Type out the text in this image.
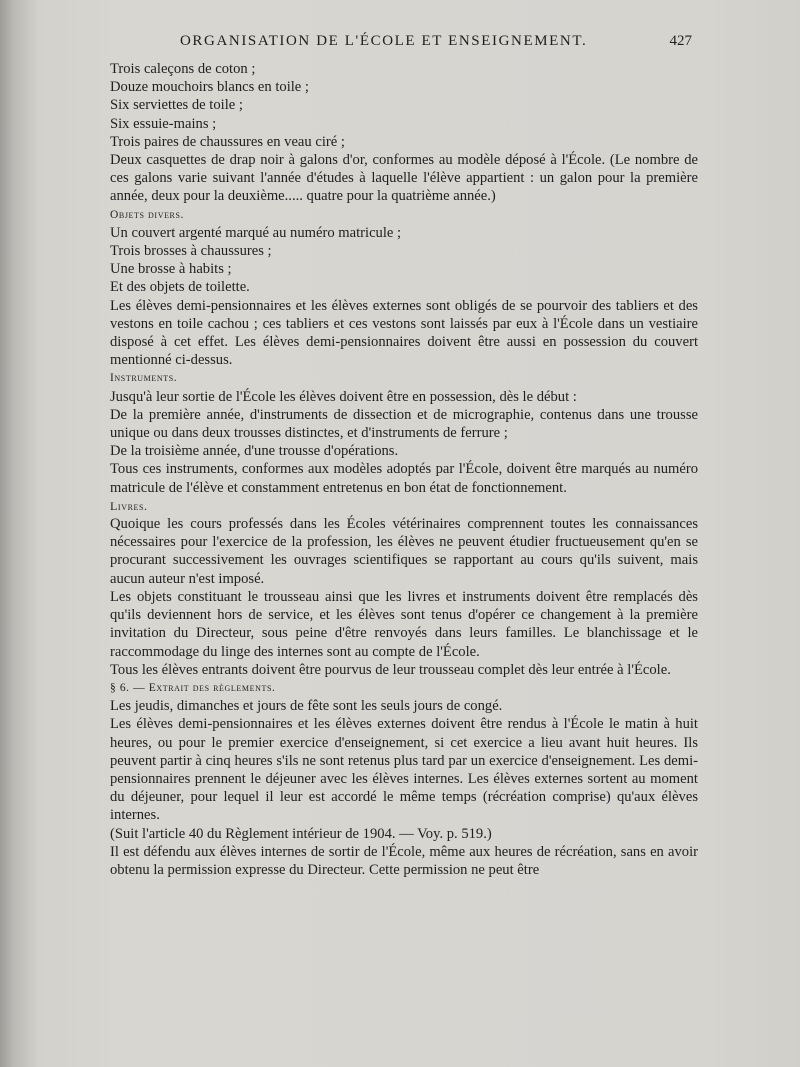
ORGANISATION DE L'ÉCOLE ET ENSEIGNEMENT.	427

Trois caleçons de coton ;

Douze mouchoirs blancs en toile ;

Six serviettes de toile ;

Six essuie-mains ;

Trois paires de chaussures en veau ciré ;

Deux casquettes de drap noir à galons d'or, conformes au modèle déposé à l'École. (Le nombre de ces galons varie suivant l'année d'études à laquelle l'élève appartient : un galon pour la première année, deux pour la deuxième..... quatre pour la quatrième année.)

Objets divers.

Un couvert argenté marqué au numéro matricule ;

Trois brosses à chaussures ;

Une brosse à habits ;

Et des objets de toilette.

Les élèves demi-pensionnaires et les élèves externes sont obligés de se pourvoir des tabliers et des vestons en toile cachou ; ces tabliers et ces vestons sont laissés par eux à l'École dans un vestiaire disposé à cet effet. Les élèves demi-pensionnaires doivent être aussi en possession du couvert mentionné ci-dessus.

Instruments.

Jusqu'à leur sortie de l'École les élèves doivent être en possession, dès le début :

De la première année, d'instruments de dissection et de micrographie, contenus dans une trousse unique ou dans deux trousses distinctes, et d'instruments de ferrure ;

De la troisième année, d'une trousse d'opérations.

Tous ces instruments, conformes aux modèles adoptés par l'École, doivent être marqués au numéro matricule de l'élève et constamment entretenus en bon état de fonctionnement.

Livres.

Quoique les cours professés dans les Écoles vétérinaires comprennent toutes les connaissances nécessaires pour l'exercice de la profession, les élèves ne peuvent étudier fructueusement qu'en se procurant successivement les ouvrages scientifiques se rapportant au cours qu'ils suivent, mais aucun auteur n'est imposé.

Les objets constituant le trousseau ainsi que les livres et instruments doivent être remplacés dès qu'ils deviennent hors de service, et les élèves sont tenus d'opérer ce changement à la première invitation du Directeur, sous peine d'être renvoyés dans leurs familles. Le blanchissage et le raccommodage du linge des internes sont au compte de l'École.

Tous les élèves entrants doivent être pourvus de leur trousseau complet dès leur entrée à l'École.

§ 6. — Extrait des règlements.

Les jeudis, dimanches et jours de fête sont les seuls jours de congé.

Les élèves demi-pensionnaires et les élèves externes doivent être rendus à l'École le matin à huit heures, ou pour le premier exercice d'enseignement, si cet exercice a lieu avant huit heures. Ils peuvent partir à cinq heures s'ils ne sont retenus plus tard par un exercice d'enseignement. Les demi-pensionnaires prennent le déjeuner avec les élèves internes. Les élèves externes sortent au moment du déjeuner, pour lequel il leur est accordé le même temps (récréation comprise) qu'aux élèves internes.

(Suit l'article 40 du Règlement intérieur de 1904. — Voy. p. 519.)

Il est défendu aux élèves internes de sortir de l'École, même aux heures de récréation, sans en avoir obtenu la permission expresse du Directeur. Cette permission ne peut être
